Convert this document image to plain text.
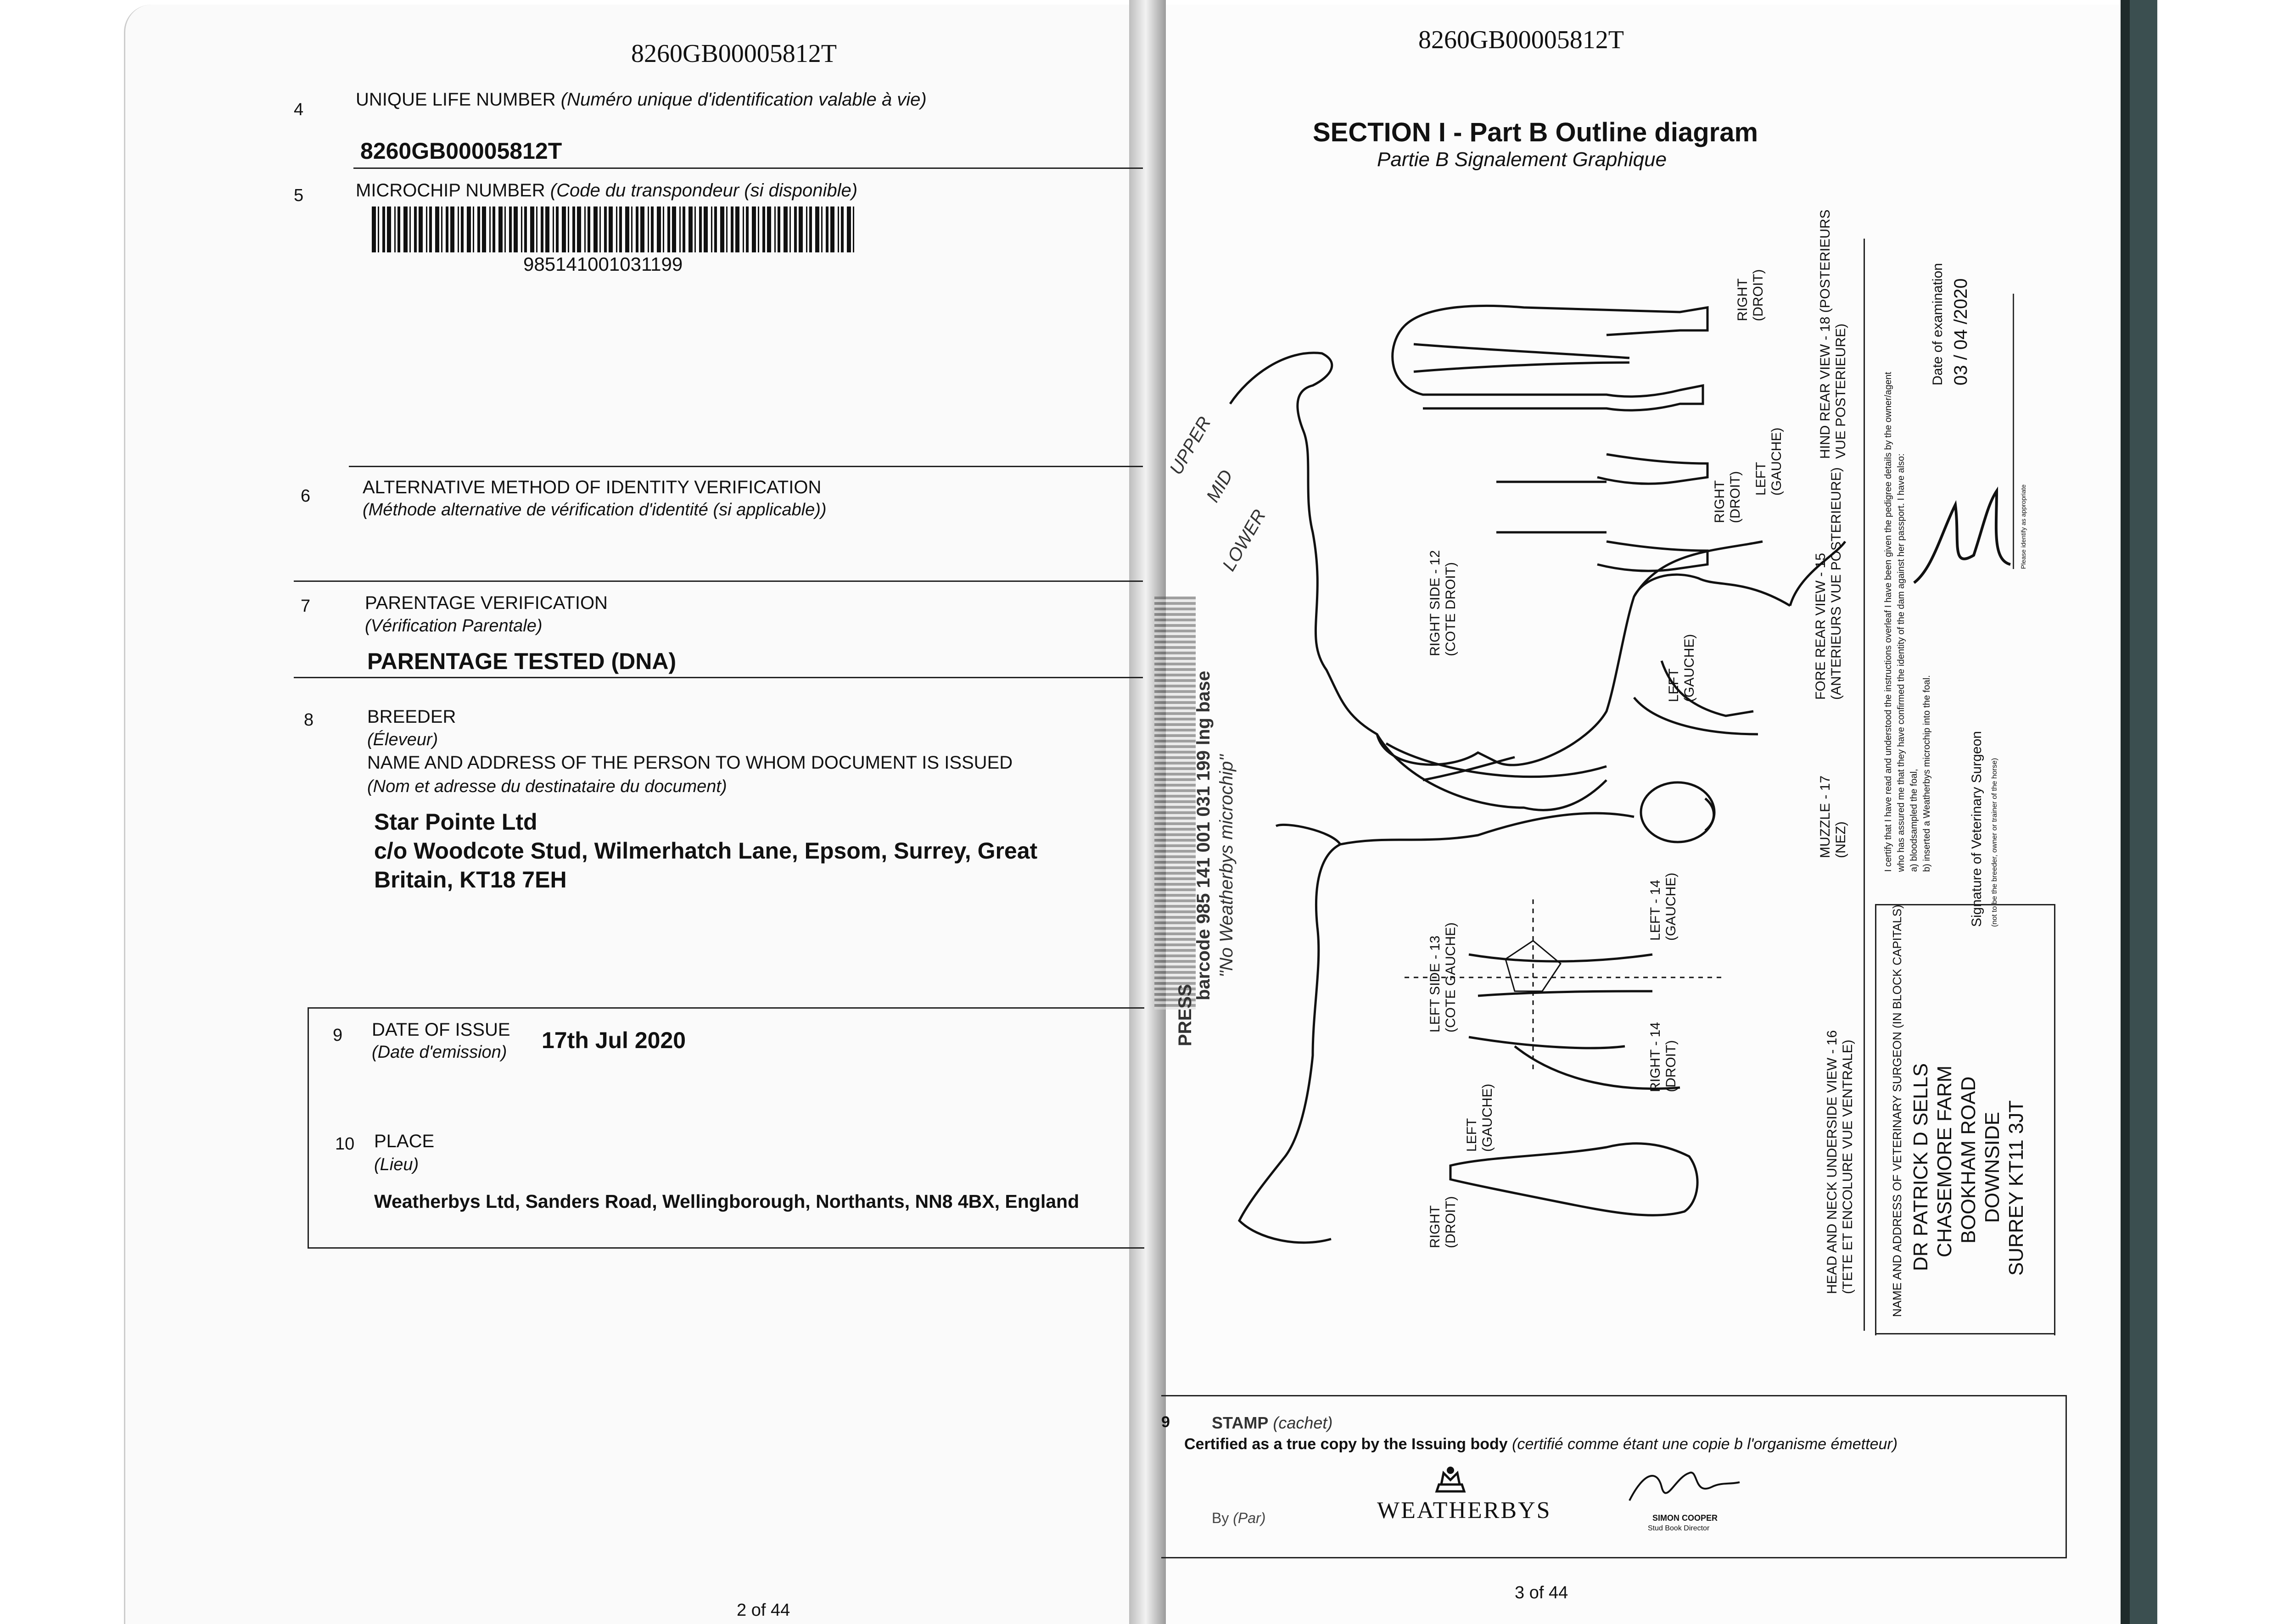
8260GB00005812T
4	UNIQUE LIFE NUMBER (Numéro unique d'identification valable à vie)
8260GB00005812T
5	MICROCHIP NUMBER (Code du transpondeur (si disponible)
985141001031199
6	ALTERNATIVE METHOD OF IDENTITY VERIFICATION
(Méthode alternative de vérification d'identité (si applicable))
7	PARENTAGE VERIFICATION
(Vérification Parentale)
PARENTAGE TESTED (DNA)
8	BREEDER
(Éleveur)
NAME AND ADDRESS OF THE PERSON TO WHOM DOCUMENT IS ISSUED
(Nom et adresse du destinataire du document)
Star Pointe Ltd
c/o Woodcote Stud, Wilmerhatch Lane, Epsom, Surrey, Great
Britain, KT18 7EH
9 DATE OF ISSUE
(Date d'emission) 17th Jul 2020
10 PLACE
(Lieu)
Weatherbys Ltd, Sanders Road, Wellingborough, Northants, NN8 4BX, England
2 of 44
8260GB00005812T
SECTION I - Part B Outline diagram
Partie B Signalement Graphique
UPPER
MID
LOWER
PRESS
barcode 985 141 001 031 199 lng base "No Weatherbys microchip"
RIGHT
(DROIT)	HIND REAR VIEW - 18 (POSTERIEURS
VUE POSTERIEURE)
RIGHT
(DROIT) LEFT
(GAUCHE)
RIGHT SIDE - 12
(COTE DROIT)
LEFT
(GAUCHE)	FORE REAR VIEW - 15
(ANTERIEURS VUE POSTERIEURE)
MUZZLE - 17
(NEZ)
LEFT - 14
(GAUCHE)
LEFT SIDE - 13
(COTE GAUCHE)
RIGHT - 14
(DROIT)
LEFT
(GAUCHE)
RIGHT
(DROIT)	HEAD AND NECK UNDERSIDE VIEW - 16
(TETE ET ENCOLURE VUE VENTRALE)	NAME AND ADDRESS OF VETERINARY SURGEON (IN BLOCK CAPITALS) DR PATRICK D SELLS CHASEMORE FARM BOOKHAM ROAD DOWNSIDE SURREY KT11 3JT
I certify that I have read and understood the instructions overleaf I have been given the pedigree details by the owner/agent who has assured me that they have confirmed the identity of the dam against her passport. I have also: a) bloodsampled the foal, b) inserted a Weatherbys microchip into the foal.	Signature of Veterinary Surgeon (not to be the breeder, owner or trainer of the horse)
Please identify as appropriate
Date of examination 03 / 04 /2020
9	STAMP (cachet)
Certified as a true copy by the Issuing body (certifié comme étant une copie b l'organisme émetteur)
By (Par)	WEATHERBYS	SIMON COOPER
Stud Book Director
3 of 44
